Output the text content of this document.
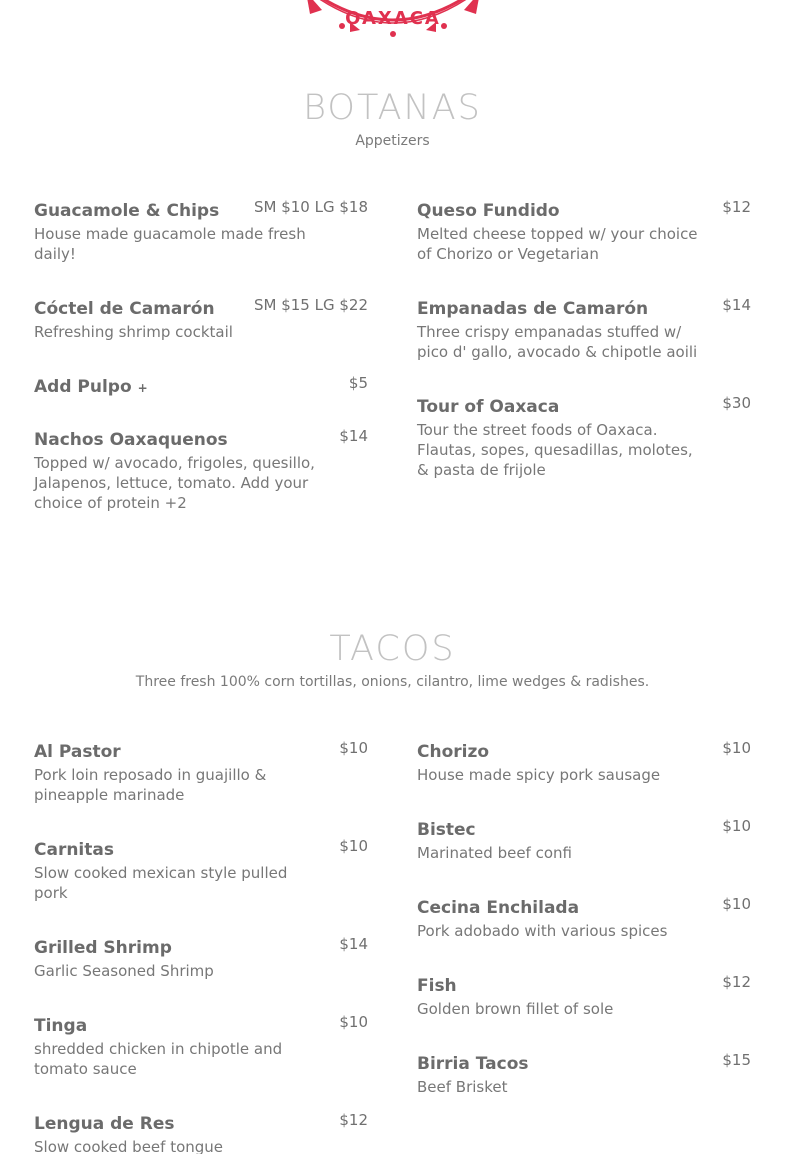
OAXACA
BOTANAS
Appetizers
Guacamole & Chips	SM $10 LG $18
House made guacamole made fresh daily!
Cóctel de Camarón	SM $15 LG $22
Refreshing shrimp cocktail
Add Pulpo +	$5
Nachos Oaxaquenos	$14
Topped w/ avocado, frigoles, quesillo, Jalapenos, lettuce, tomato. Add your choice of protein +2
Queso Fundido	$12
Melted cheese topped w/ your choice of Chorizo or Vegetarian
Empanadas de Camarón	$14
Three crispy empanadas stuffed w/ pico d' gallo, avocado & chipotle aoili
Tour of Oaxaca	$30
Tour the street foods of Oaxaca. Flautas, sopes, quesadillas, molotes, & pasta de frijole
TACOS
Three fresh 100% corn tortillas, onions, cilantro, lime wedges & radishes.
Al Pastor	$10
Pork loin reposado in guajillo & pineapple marinade
Carnitas	$10
Slow cooked mexican style pulled pork
Grilled Shrimp	$14
Garlic Seasoned Shrimp
Tinga	$10
shredded chicken in chipotle and tomato sauce
Lengua de Res	$12
Slow cooked beef tongue
Chorizo	$10
House made spicy pork sausage
Bistec	$10
Marinated beef confi
Cecina Enchilada	$10
Pork adobado with various spices
Fish	$12
Golden brown fillet of sole
Birria Tacos	$15
Beef Brisket
